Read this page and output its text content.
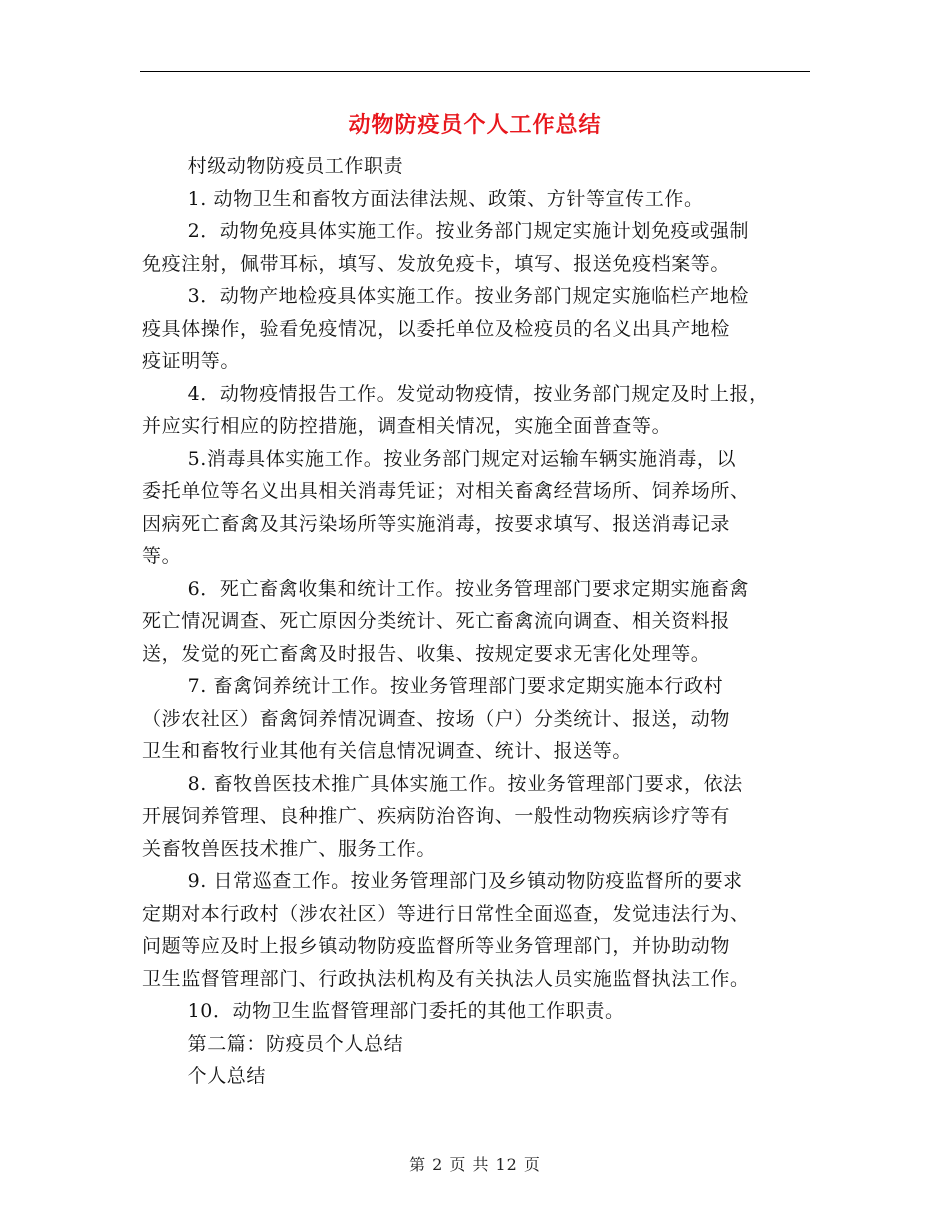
动物防疫员个人工作总结

村级动物防疫员工作职责

1. 动物卫生和畜牧方面法律法规、政策、方针等宣传工作。

2．动物免疫具体实施工作。按业务部门规定实施计划免疫或强制
免疫注射，佩带耳标，填写、发放免疫卡，填写、报送免疫档案等。

3．动物产地检疫具体实施工作。按业务部门规定实施临栏产地检
疫具体操作，验看免疫情况，以委托单位及检疫员的名义出具产地检
疫证明等。

4．动物疫情报告工作。发觉动物疫情，按业务部门规定及时上报，
并应实行相应的防控措施，调查相关情况，实施全面普查等。

5.消毒具体实施工作。按业务部门规定对运输车辆实施消毒，以
委托单位等名义出具相关消毒凭证；对相关畜禽经营场所、饲养场所、
因病死亡畜禽及其污染场所等实施消毒，按要求填写、报送消毒记录
等。

6．死亡畜禽收集和统计工作。按业务管理部门要求定期实施畜禽
死亡情况调查、死亡原因分类统计、死亡畜禽流向调查、相关资料报
送，发觉的死亡畜禽及时报告、收集、按规定要求无害化处理等。

7. 畜禽饲养统计工作。按业务管理部门要求定期实施本行政村
（涉农社区）畜禽饲养情况调查、按场（户）分类统计、报送，动物
卫生和畜牧行业其他有关信息情况调查、统计、报送等。

8. 畜牧兽医技术推广具体实施工作。按业务管理部门要求，依法
开展饲养管理、良种推广、疾病防治咨询、一般性动物疾病诊疗等有
关畜牧兽医技术推广、服务工作。

9. 日常巡查工作。按业务管理部门及乡镇动物防疫监督所的要求
定期对本行政村（涉农社区）等进行日常性全面巡查，发觉违法行为、
问题等应及时上报乡镇动物防疫监督所等业务管理部门，并协助动物
卫生监督管理部门、行政执法机构及有关执法人员实施监督执法工作。

10．动物卫生监督管理部门委托的其他工作职责。

第二篇：防疫员个人总结

个人总结

第 2 页 共 12 页
